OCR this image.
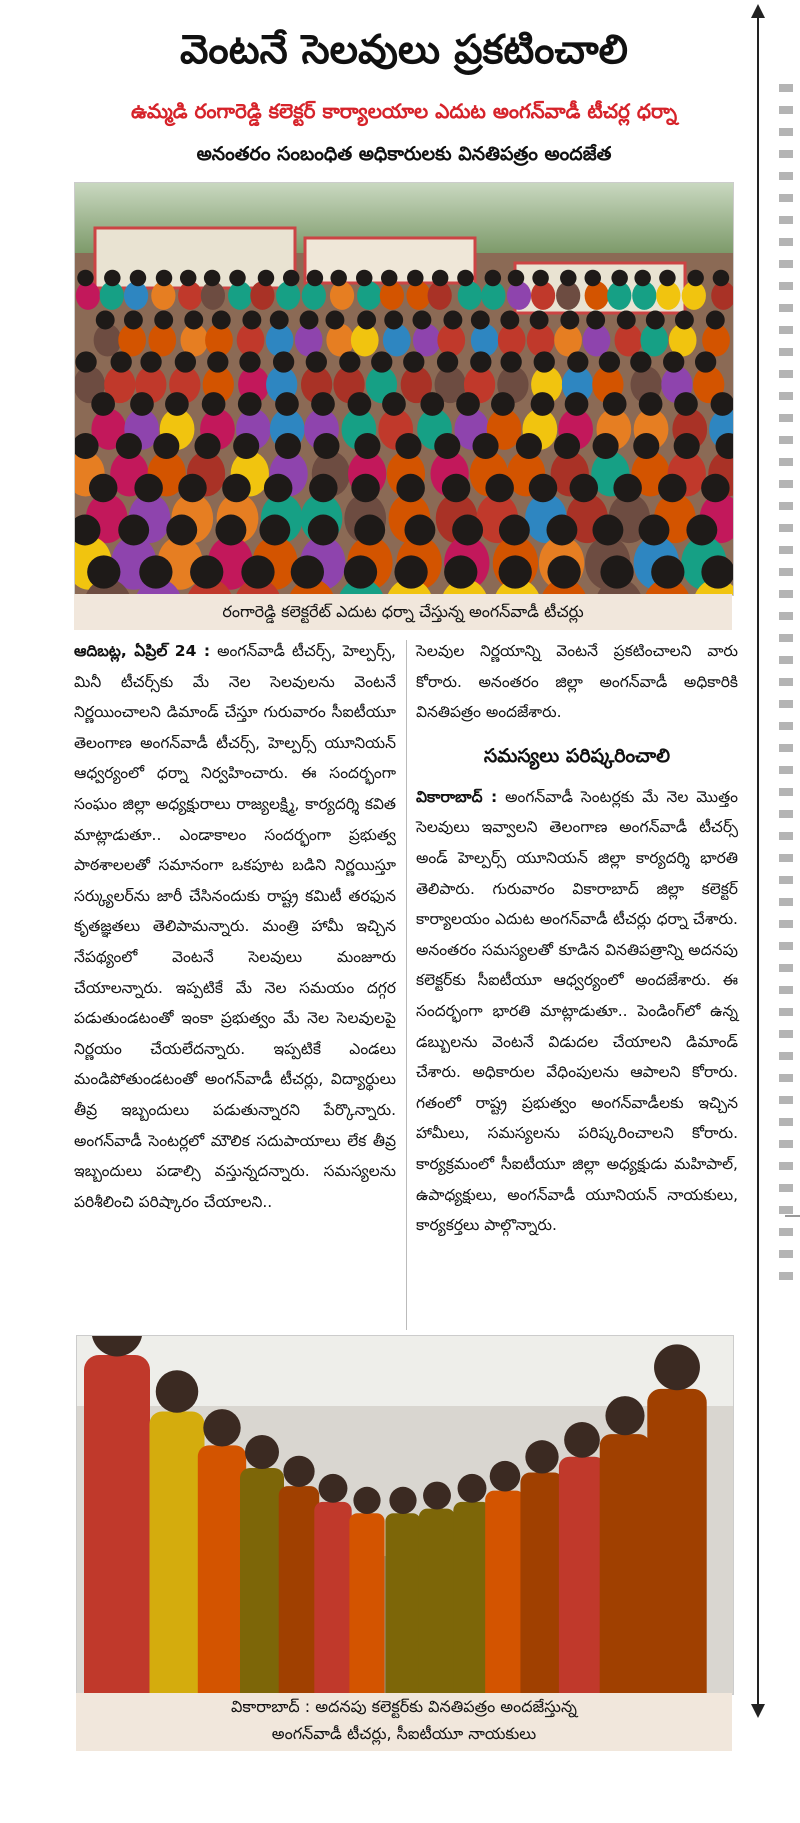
వెంటనే సెలవులు ప్రకటించాలి
ఉమ్మడి రంగారెడ్డి కలెక్టర్ కార్యాలయాల ఎదుట అంగన్‌వాడీ టీచర్ల ధర్నా
అనంతరం సంబంధిత అధికారులకు వినతిపత్రం అందజేత
రంగారెడ్డి కలెక్టరేట్ ఎదుట ధర్నా చేస్తున్న అంగన్‌వాడీ టీచర్లు

ఆదిబట్ల, ఏప్రిల్ 24 : అంగన్‌వాడీ టీచర్స్, హెల్పర్స్, మినీ టీచర్స్‌కు మే నెల సెలవులను వెంటనే నిర్ణయించాలని డిమాండ్ చేస్తూ గురువారం సీఐటీయూ తెలంగాణ అంగన్‌వాడీ టీచర్స్, హెల్పర్స్ యూనియన్ ఆధ్వర్యంలో ధర్నా నిర్వహించారు. ఈ సందర్భంగా సంఘం జిల్లా అధ్యక్షురాలు రాజ్యలక్ష్మి, కార్యదర్శి కవిత మాట్లాడుతూ.. ఎండాకాలం సందర్భంగా ప్రభుత్వ పాఠశాలలతో సమానంగా ఒకపూట బడిని నిర్ణయిస్తూ సర్క్యులర్‌ను జారీ చేసినందుకు రాష్ట్ర కమిటీ తరఫున కృతజ్ఞతలు తెలిపామన్నారు. మంత్రి హామీ ఇచ్చిన నేపథ్యంలో వెంటనే సెలవులు మంజూరు చేయాలన్నారు. ఇప్పటికే మే నెల సమయం దగ్గర పడుతుండటంతో ఇంకా ప్రభుత్వం మే నెల సెలవులపై నిర్ణయం చేయలేదన్నారు. ఇప్పటికే ఎండలు మండిపోతుండటంతో అంగన్‌వాడీ టీచర్లు, విద్యార్థులు తీవ్ర ఇబ్బందులు పడుతున్నారని పేర్కొన్నారు. అంగన్‌వాడీ సెంటర్లలో మౌలిక సదుపాయాలు లేక తీవ్ర ఇబ్బందులు పడాల్సి వస్తున్నదన్నారు. సమస్యలను పరిశీలించి పరిష్కారం చేయాలని..

సెలవుల నిర్ణయాన్ని వెంటనే ప్రకటించాలని వారు కోరారు. అనంతరం జిల్లా అంగన్‌వాడీ అధికారికి వినతిపత్రం అందజేశారు.

సమస్యలు పరిష్కరించాలి

వికారాబాద్ : అంగన్‌వాడీ సెంటర్లకు మే నెల మొత్తం సెలవులు ఇవ్వాలని తెలంగాణ అంగన్‌వాడీ టీచర్స్ అండ్ హెల్పర్స్ యూనియన్ జిల్లా కార్యదర్శి భారతి తెలిపారు. గురువారం వికారాబాద్ జిల్లా కలెక్టర్ కార్యాలయం ఎదుట అంగన్‌వాడీ టీచర్లు ధర్నా చేశారు. అనంతరం సమస్యలతో కూడిన వినతిపత్రాన్ని అదనపు కలెక్టర్‌కు సీఐటీయూ ఆధ్వర్యంలో అందజేశారు. ఈ సందర్భంగా భారతి మాట్లాడుతూ.. పెండింగ్‌లో ఉన్న డబ్బులను వెంటనే విడుదల చేయాలని డిమాండ్ చేశారు. అధికారుల వేధింపులను ఆపాలని కోరారు. గతంలో రాష్ట్ర ప్రభుత్వం అంగన్‌వాడీలకు ఇచ్చిన హామీలు, సమస్యలను పరిష్కరించాలని కోరారు. కార్యక్రమంలో సీఐటీయూ జిల్లా అధ్యక్షుడు మహిపాల్, ఉపాధ్యక్షులు, అంగన్‌వాడీ యూనియన్ నాయకులు, కార్యకర్తలు పాల్గొన్నారు.

వికారాబాద్ : అదనపు కలెక్టర్‌కు వినతిపత్రం అందజేస్తున్న
అంగన్‌వాడీ టీచర్లు, సీఐటీయూ నాయకులు
